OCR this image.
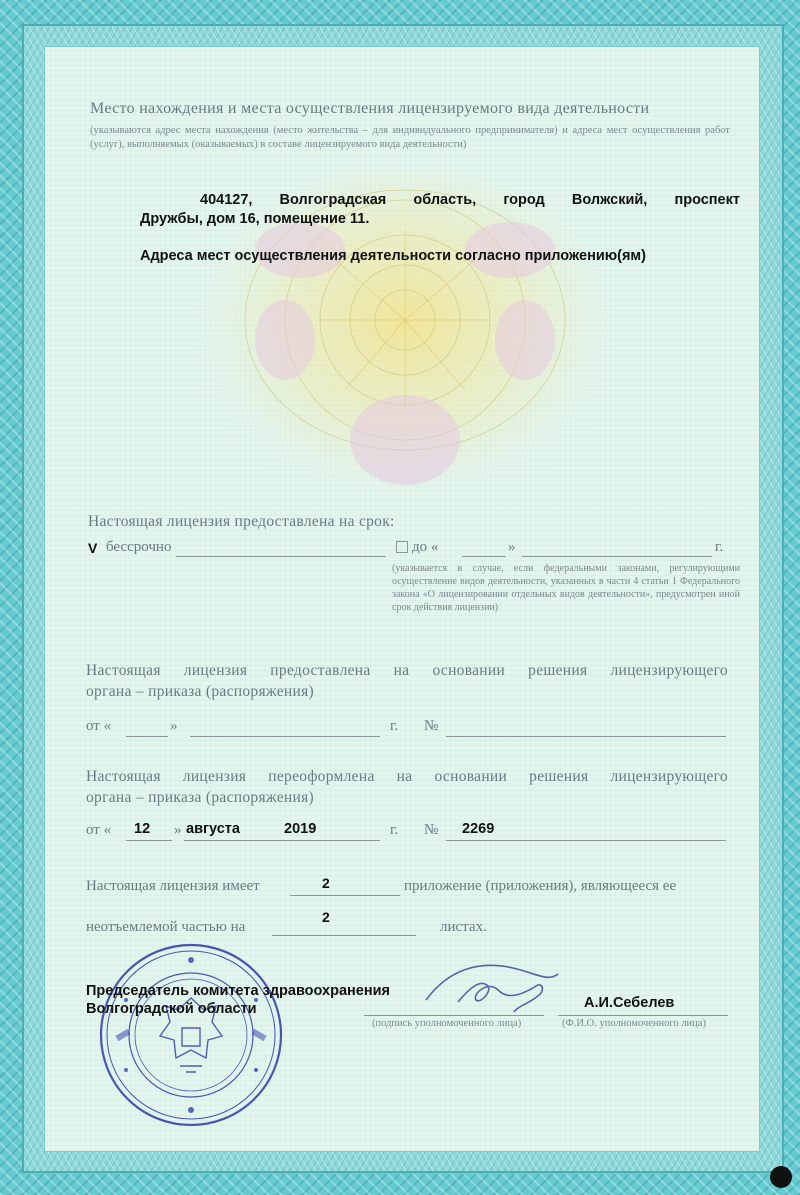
Место нахождения и места осуществления лицензируемого вида деятельности
(указываются адрес места нахождения (место жительства – для индивидуального предпринимателя) и адреса мест осуществления работ (услуг), выполняемых (оказываемых) в составе лицензируемого вида деятельности)
404127, Волгоградская область, город Волжский, проспект
Дружбы, дом 16, помещение 11.
Адреса мест осуществления деятельности согласно приложению(ям)
Настоящая лицензия предоставлена на срок:
V бессрочно	до «	»	г.
(указывается в случае, если федеральными законами, регулирующими осуществление видов деятельности, указанных в части 4 статьи 1 Федерального закона «О лицензировании отдельных видов деятельности», предусмотрен иной срок действия лицензии)
Настоящая лицензия предоставлена на основании решения лицензирующего
органа – приказа (распоряжения)
от «	»	г. №
Настоящая лицензия переоформлена на основании решения лицензирующего
органа – приказа (распоряжения)
от « 12 » августа	2019	г. № 2269
Настоящая лицензия имеет	2	приложение (приложения), являющееся ее
неотъемлемой частью на
2
листах.
Председатель комитета здравоохранения
Волгоградской области
(подпись уполномоченного лица)
А.И.Себелев
(Ф.И.О. уполномоченного лица)
